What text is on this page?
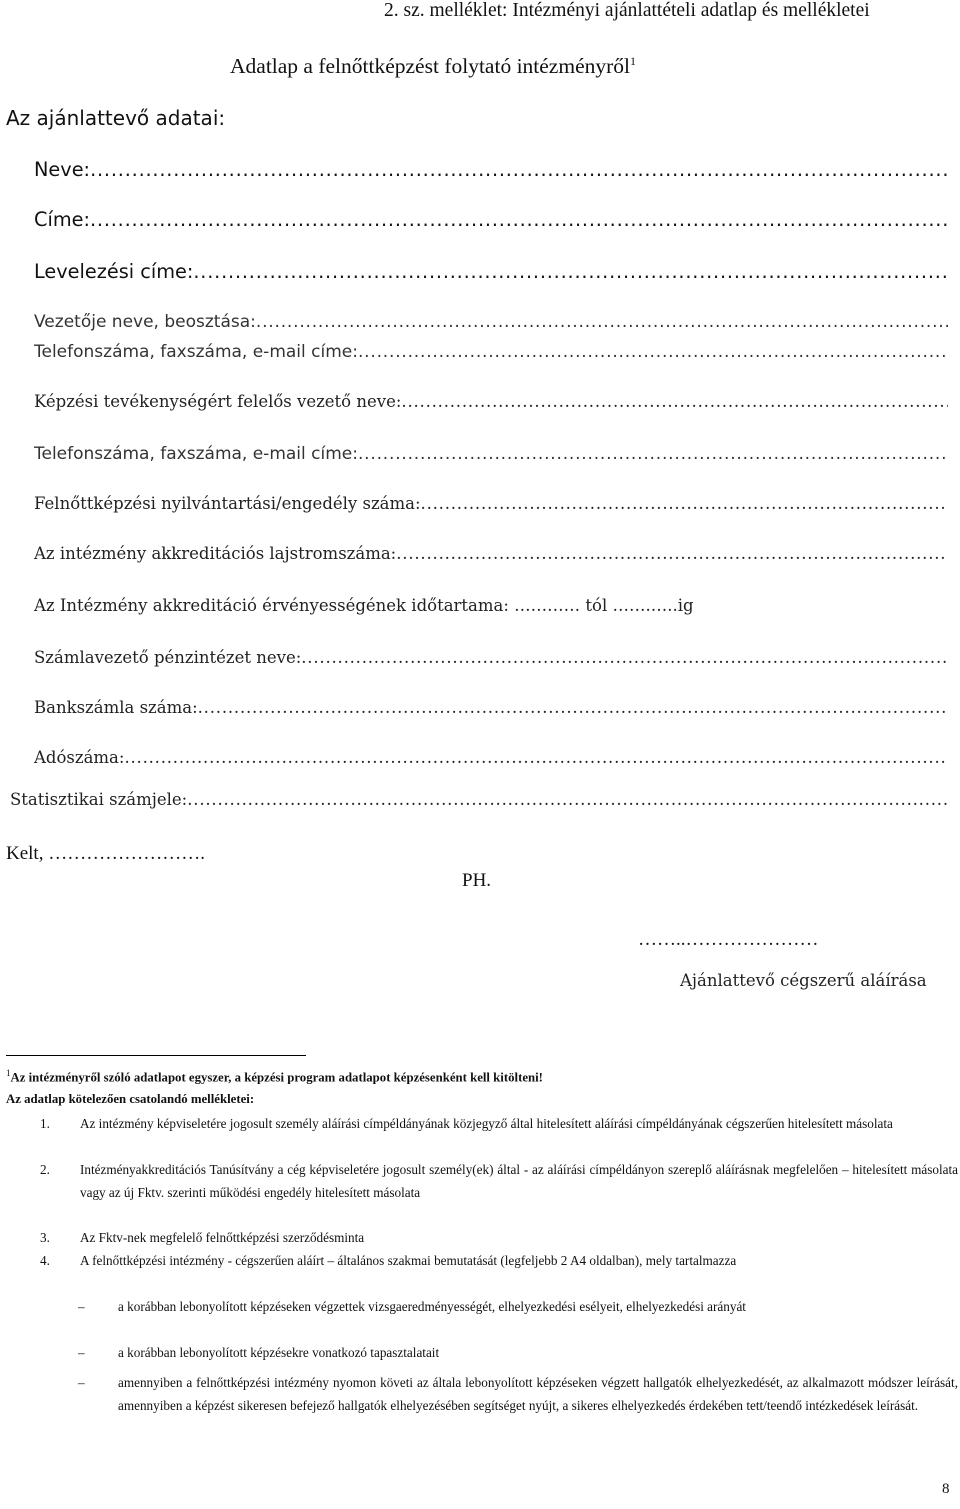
2. sz. melléklet: Intézményi ajánlattételi adatlap és mellékletei
Adatlap a felnőttképzést folytató intézményről$^1$
Az ajánlattevő adatai:
Neve:
.....
Címe:
.....
Levelezési címe:
.....
Vezetője neve, beosztása:
.....
Telefonszáma, faxszáma, e-mail címe:
.....
Képzési tevékenységért felelős vezető neve:
.....
Telefonszáma, faxszáma, e-mail címe:
.....
Felnőttképzési nyilvántartási/engedély száma:
.....
Az intézmény akkreditációs lajstromszáma:
.....
Az Intézmény akkreditáció érvényességének időtartama: ………… tól …….…..ig
Számlavezető pénzintézet neve:
.....
Bankszámla száma:
.....
Adószáma:
.....
Statisztikai számjele:
.....
Kelt, …………………….
PH.
……..…………………
Ajánlattevő cégszerű aláírása
$^1$Az intézményről szóló adatlapot egyszer, a képzési program adatlapot képzésenként kell kitölteni!
Az adatlap kötelezően csatolandó mellékletei:
1. Az intézmény képviseletére jogosult személy aláírási címpéldányának közjegyző által hitelesített aláírási címpéldányának cégszerűen hitelesített másolata
2. Intézményakkreditációs Tanúsítvány a cég képviseletére jogosult személy(ek) által - az aláírási címpéldányon szereplő aláírásnak megfelelően – hitelesített másolata vagy az új Fktv. szerinti működési engedély hitelesített másolata
3. Az Fktv-nek megfelelő felnőttképzési szerződésminta
4. A felnőttképzési intézmény - cégszerűen aláírt – általános szakmai bemutatását (legfeljebb 2 A4 oldalban), mely tartalmazza
–	a korábban lebonyolított képzéseken végzettek vizsgaeredményességét, elhelyezkedési esélyeit, elhelyezkedési arányát
–	a korábban lebonyolított képzésekre vonatkozó tapasztalatait
–	amennyiben a felnőttképzési intézmény nyomon követi az általa lebonyolított képzéseken végzett hallgatók elhelyezkedését, az alkalmazott módszer leírását, amennyiben a képzést sikeresen befejező hallgatók elhelyezésében segítséget nyújt, a sikeres elhelyezkedés érdekében tett/teendő intézkedések leírását.
8
